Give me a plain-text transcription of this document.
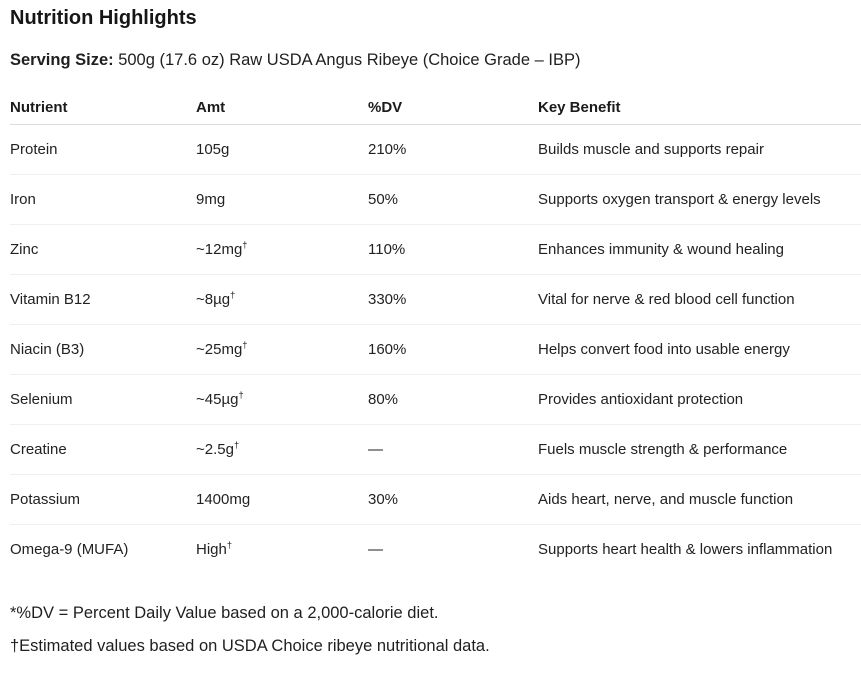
Nutrition Highlights

Serving Size: 500g (17.6 oz) Raw USDA Angus Ribeye (Choice Grade – IBP)

Nutrient	Amt	%DV	Key Benefit
Protein	105g	210%	Builds muscle and supports repair
Iron	9mg	50%	Supports oxygen transport & energy levels
Zinc	~12mg†	110%	Enhances immunity & wound healing
Vitamin B12	~8µg†	330%	Vital for nerve & red blood cell function
Niacin (B3)	~25mg†	160%	Helps convert food into usable energy
Selenium	~45µg†	80%	Provides antioxidant protection
Creatine	~2.5g†	—	Fuels muscle strength & performance
Potassium	1400mg	30%	Aids heart, nerve, and muscle function
Omega-9 (MUFA)	High†	—	Supports heart health & lowers inflammation

*%DV = Percent Daily Value based on a 2,000-calorie diet.

†Estimated values based on USDA Choice ribeye nutritional data.
